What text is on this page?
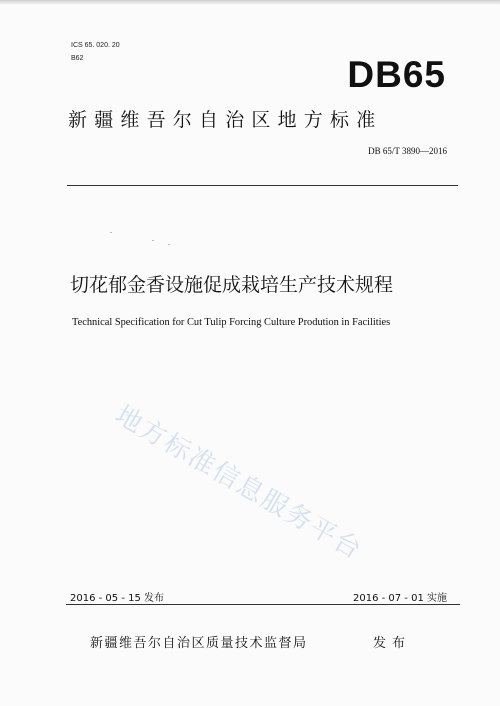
ICS 65. 020. 20
B62	DB65
新疆维吾尔自治区地方标准
DB 65/T 3890—2016
切花郁金香设施促成栽培生产技术规程
Technical Specification for Cut Tulip Forcing Culture Prodution in Facilities
地方标准信息服务平台
2016 - 05 - 15 发布	2016 - 07 - 01 实施
新疆维吾尔自治区质量技术监督局	发布
